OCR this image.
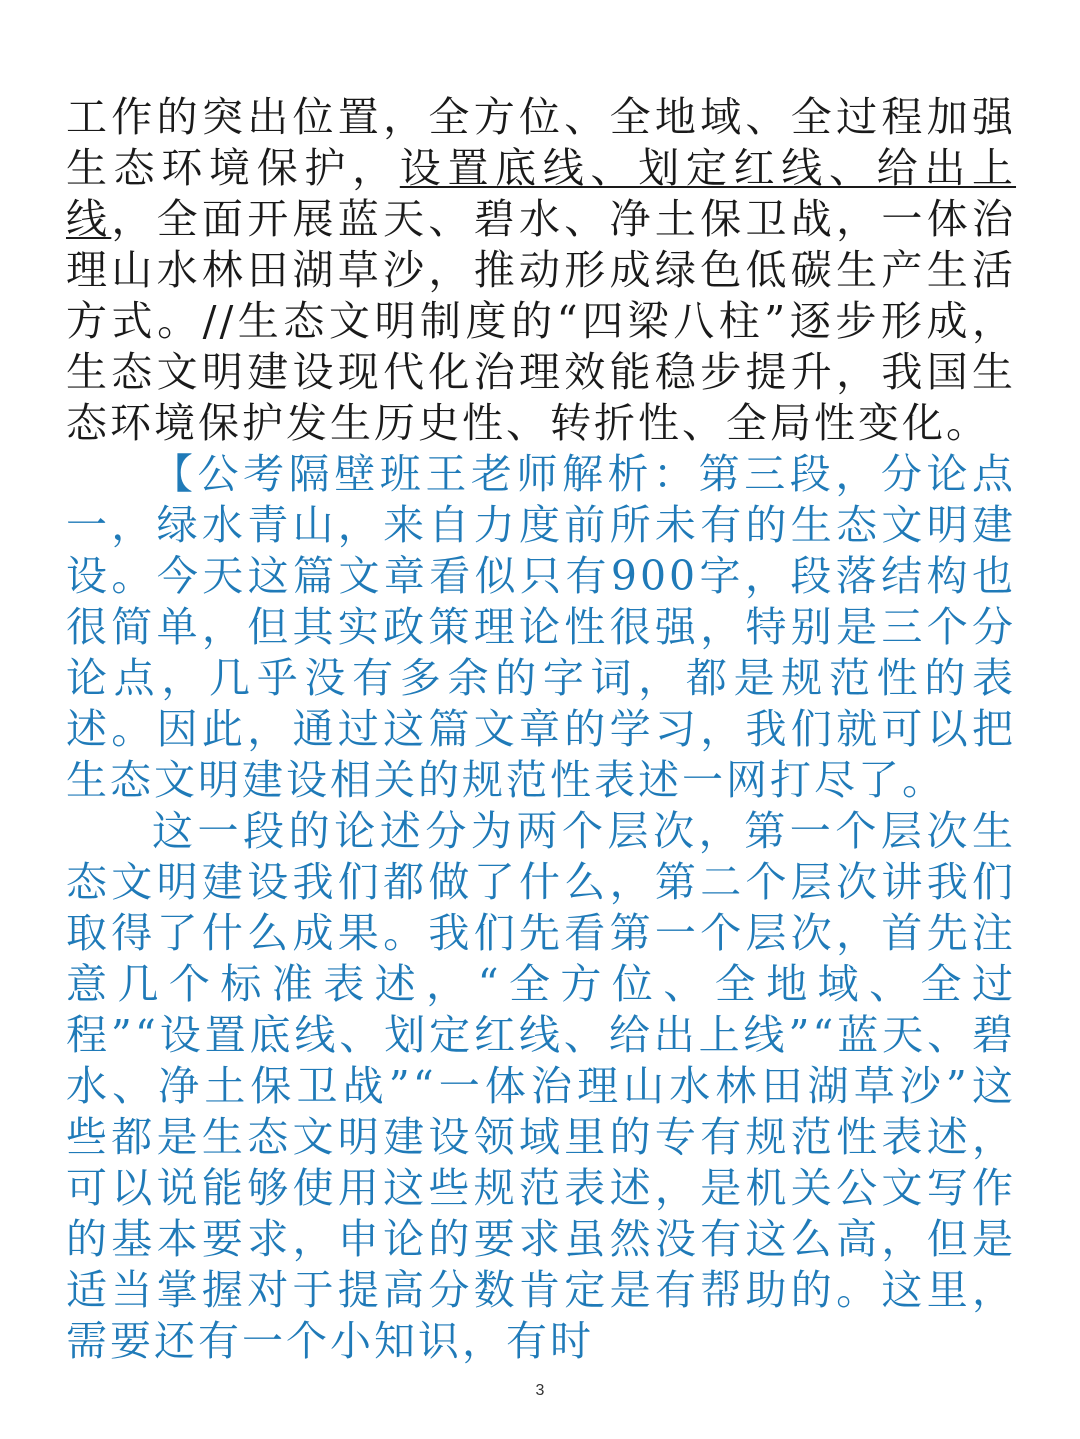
工作的突出位置，全方位、全地域、全过程加强生态环境保护，设置底线、划定红线、给出上线，全面开展蓝天、碧水、净土保卫战，一体治理山水林田湖草沙，推动形成绿色低碳生产生活方式。//生态文明制度的“四梁八柱”逐步形成，生态文明建设现代化治理效能稳步提升，我国生态环境保护发生历史性、转折性、全局性变化。

【公考隔壁班王老师解析：第三段，分论点一，绿水青山，来自力度前所未有的生态文明建设。今天这篇文章看似只有900字，段落结构也很简单，但其实政策理论性很强，特别是三个分论点，几乎没有多余的字词，都是规范性的表述。因此，通过这篇文章的学习，我们就可以把生态文明建设相关的规范性表述一网打尽了。

这一段的论述分为两个层次，第一个层次生态文明建设我们都做了什么，第二个层次讲我们取得了什么成果。我们先看第一个层次，首先注意几个标准表述，“全方位、全地域、全过程”“设置底线、划定红线、给出上线”“蓝天、碧水、净土保卫战”“一体治理山水林田湖草沙”这些都是生态文明建设领域里的专有规范性表述，可以说能够使用这些规范表述，是机关公文写作的基本要求，申论的要求虽然没有这么高，但是适当掌握对于提高分数肯定是有帮助的。这里，需要还有一个小知识，有时

3
